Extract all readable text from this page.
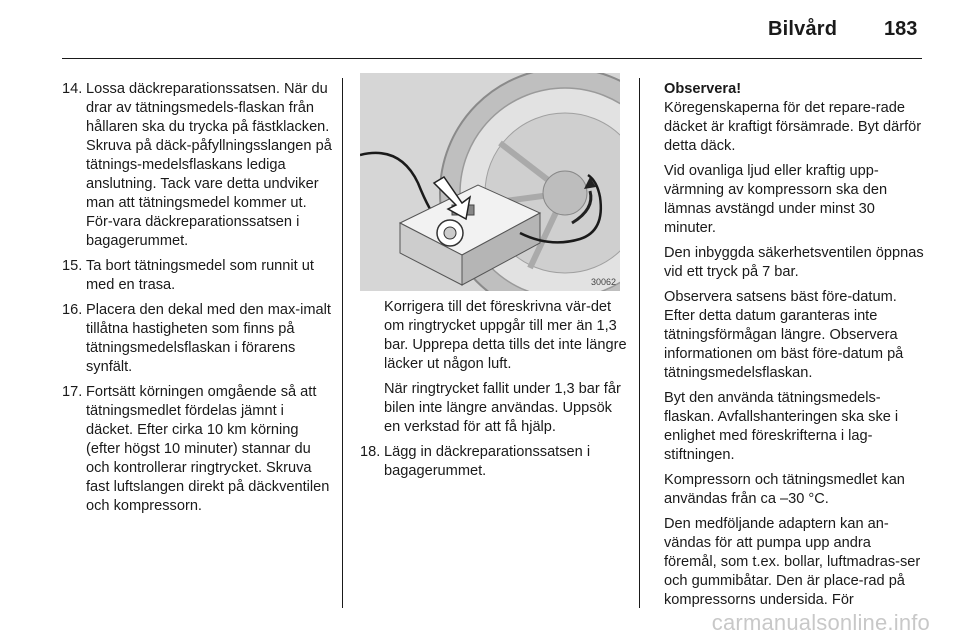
Bilvård 183
14. Lossa däckreparationssatsen. När du drar av tätningsmedels-flaskan från hållaren ska du trycka på fästklacken. Skruva på däck-påfyllningsslangen på tätnings-medelsflaskans lediga anslutning. Tack vare detta undviker man att tätningsmedel kommer ut. För-vara däckreparationssatsen i bagagerummet.
15. Ta bort tätningsmedel som runnit ut med en trasa.
16. Placera den dekal med den max-imalt tillåtna hastigheten som finns på tätningsmedelsflaskan i förarens synfält.
17. Fortsätt körningen omgående så att tätningsmedlet fördelas jämnt i däcket. Efter cirka 10 km körning (efter högst 10 minuter) stannar du och kontrollerar ringtrycket. Skruva fast luftslangen direkt på däckventilen och kompressorn.
30062

Korrigera till det föreskrivna vär-det om ringtrycket uppgår till mer än 1,3 bar. Upprepa detta tills det inte längre läcker ut någon luft.

När ringtrycket fallit under 1,3 bar får bilen inte längre användas. Uppsök en verkstad för att få hjälp.

18. Lägg in däckreparationssatsen i bagagerummet.
Observera!

Köregenskaperna för det repare-rade däcket är kraftigt försämrade. Byt därför detta däck.

Vid ovanliga ljud eller kraftig upp-värmning av kompressorn ska den lämnas avstängd under minst 30 minuter.

Den inbyggda säkerhetsventilen öppnas vid ett tryck på 7 bar.

Observera satsens bäst före-datum. Efter detta datum garanteras inte tätningsförmågan längre. Observera informationen om bäst före-datum på tätningsmedelsflaskan.

Byt den använda tätningsmedels-flaskan. Avfallshanteringen ska ske i enlighet med föreskrifterna i lag-stiftningen.

Kompressorn och tätningsmedlet kan användas från ca –30 °C.

Den medföljande adaptern kan an-vändas för att pumpa upp andra föremål, som t.ex. bollar, luftmadras-ser och gummibåtar. Den är place-rad på kompressorns undersida. För

carmanualsonline.info
